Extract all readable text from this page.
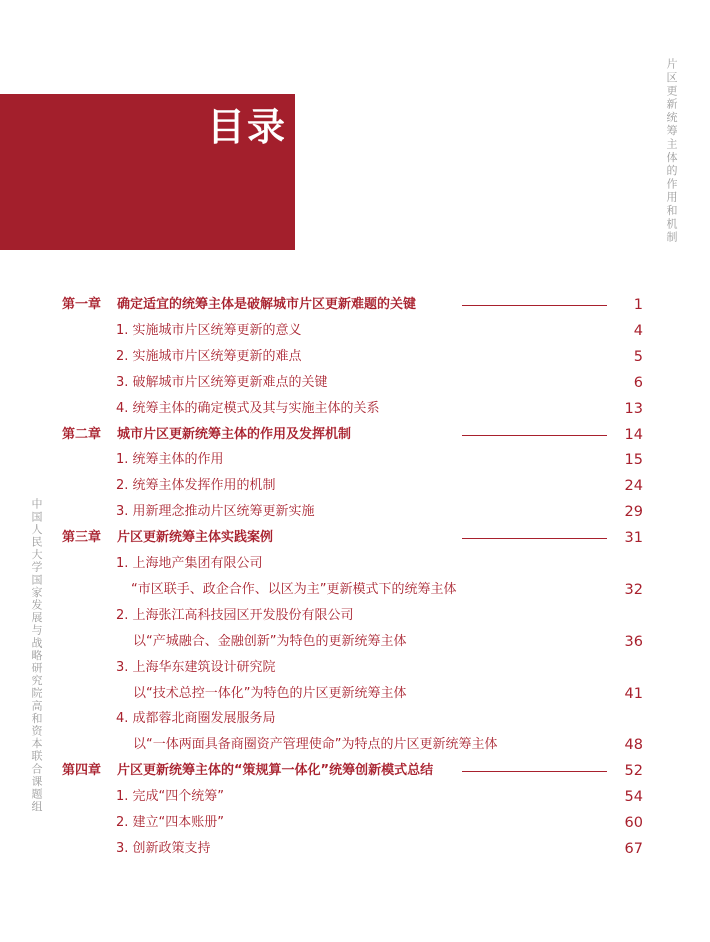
目录	片区更新统筹主体的作用和机制
中国人民大学国家发展与战略研究院高和资本联合课题组
第一章 确定适宜的统筹主体是破解城市片区更新难题的关键	1
1. 实施城市片区统筹更新的意义	4
2. 实施城市片区统筹更新的难点	5
3. 破解城市片区统筹更新难点的关键	6
4. 统筹主体的确定模式及其与实施主体的关系	13
第二章 城市片区更新统筹主体的作用及发挥机制	14
1. 统筹主体的作用	15
2. 统筹主体发挥作用的机制	24
3. 用新理念推动片区统筹更新实施	29
第三章 片区更新统筹主体实践案例	31
1. 上海地产集团有限公司
“市区联手、政企合作、以区为主”更新模式下的统筹主体	32
2. 上海张江高科技园区开发股份有限公司
以“产城融合、金融创新”为特色的更新统筹主体	36
3. 上海华东建筑设计研究院
以“技术总控一体化”为特色的片区更新统筹主体	41
4. 成都蓉北商圈发展服务局
以“一体两面具备商圈资产管理使命”为特点的片区更新统筹主体	48
第四章 片区更新统筹主体的“策规算一体化”统筹创新模式总结	52
1. 完成“四个统筹”	54
2. 建立“四本账册”	60
3. 创新政策支持	67
